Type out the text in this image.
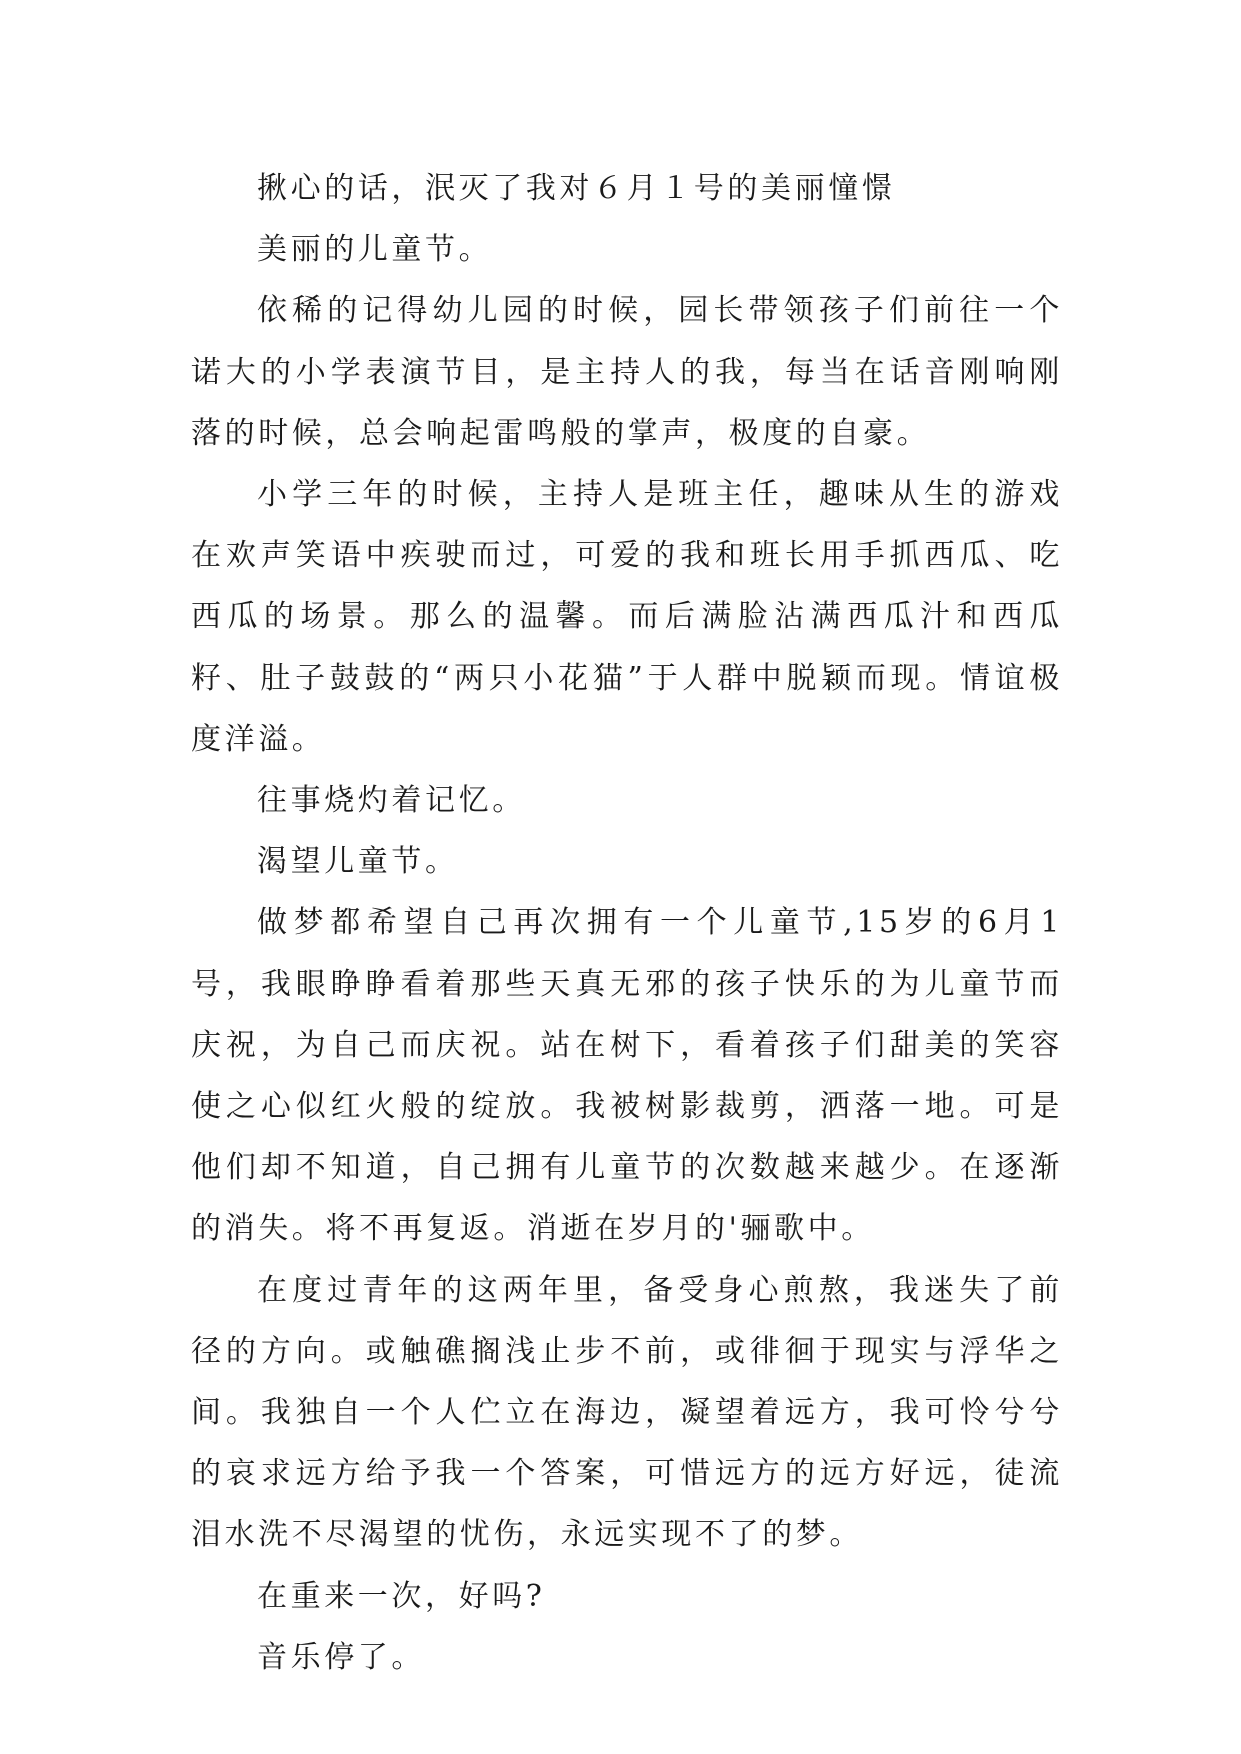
揪心的话，泯灭了我对６月１号的美丽憧憬

美丽的儿童节。

依稀的记得幼儿园的时候，园长带领孩子们前往一个诺大的小学表演节目，是主持人的我，每当在话音刚响刚落的时候，总会响起雷鸣般的掌声，极度的自豪。

小学三年的时候，主持人是班主任，趣味从生的游戏在欢声笑语中疾驶而过，可爱的我和班长用手抓西瓜、吃西瓜的场景。那么的温馨。而后满脸沾满西瓜汁和西瓜籽、肚子鼓鼓的“两只小花猫”于人群中脱颖而现。情谊极度洋溢。

往事烧灼着记忆。

渴望儿童节。

做梦都希望自己再次拥有一个儿童节,15岁的6月1号，我眼睁睁看着那些天真无邪的孩子快乐的为儿童节而庆祝，为自己而庆祝。站在树下，看着孩子们甜美的笑容使之心似红火般的绽放。我被树影裁剪，洒落一地。可是他们却不知道，自己拥有儿童节的次数越来越少。在逐渐的消失。将不再复返。消逝在岁月的'骊歌中。

在度过青年的这两年里，备受身心煎熬，我迷失了前径的方向。或触礁搁浅止步不前，或徘徊于现实与浮华之间。我独自一个人伫立在海边，凝望着远方，我可怜兮兮的哀求远方给予我一个答案，可惜远方的远方好远，徒流泪水洗不尽渴望的忧伤，永远实现不了的梦。

在重来一次，好吗?

音乐停了。
